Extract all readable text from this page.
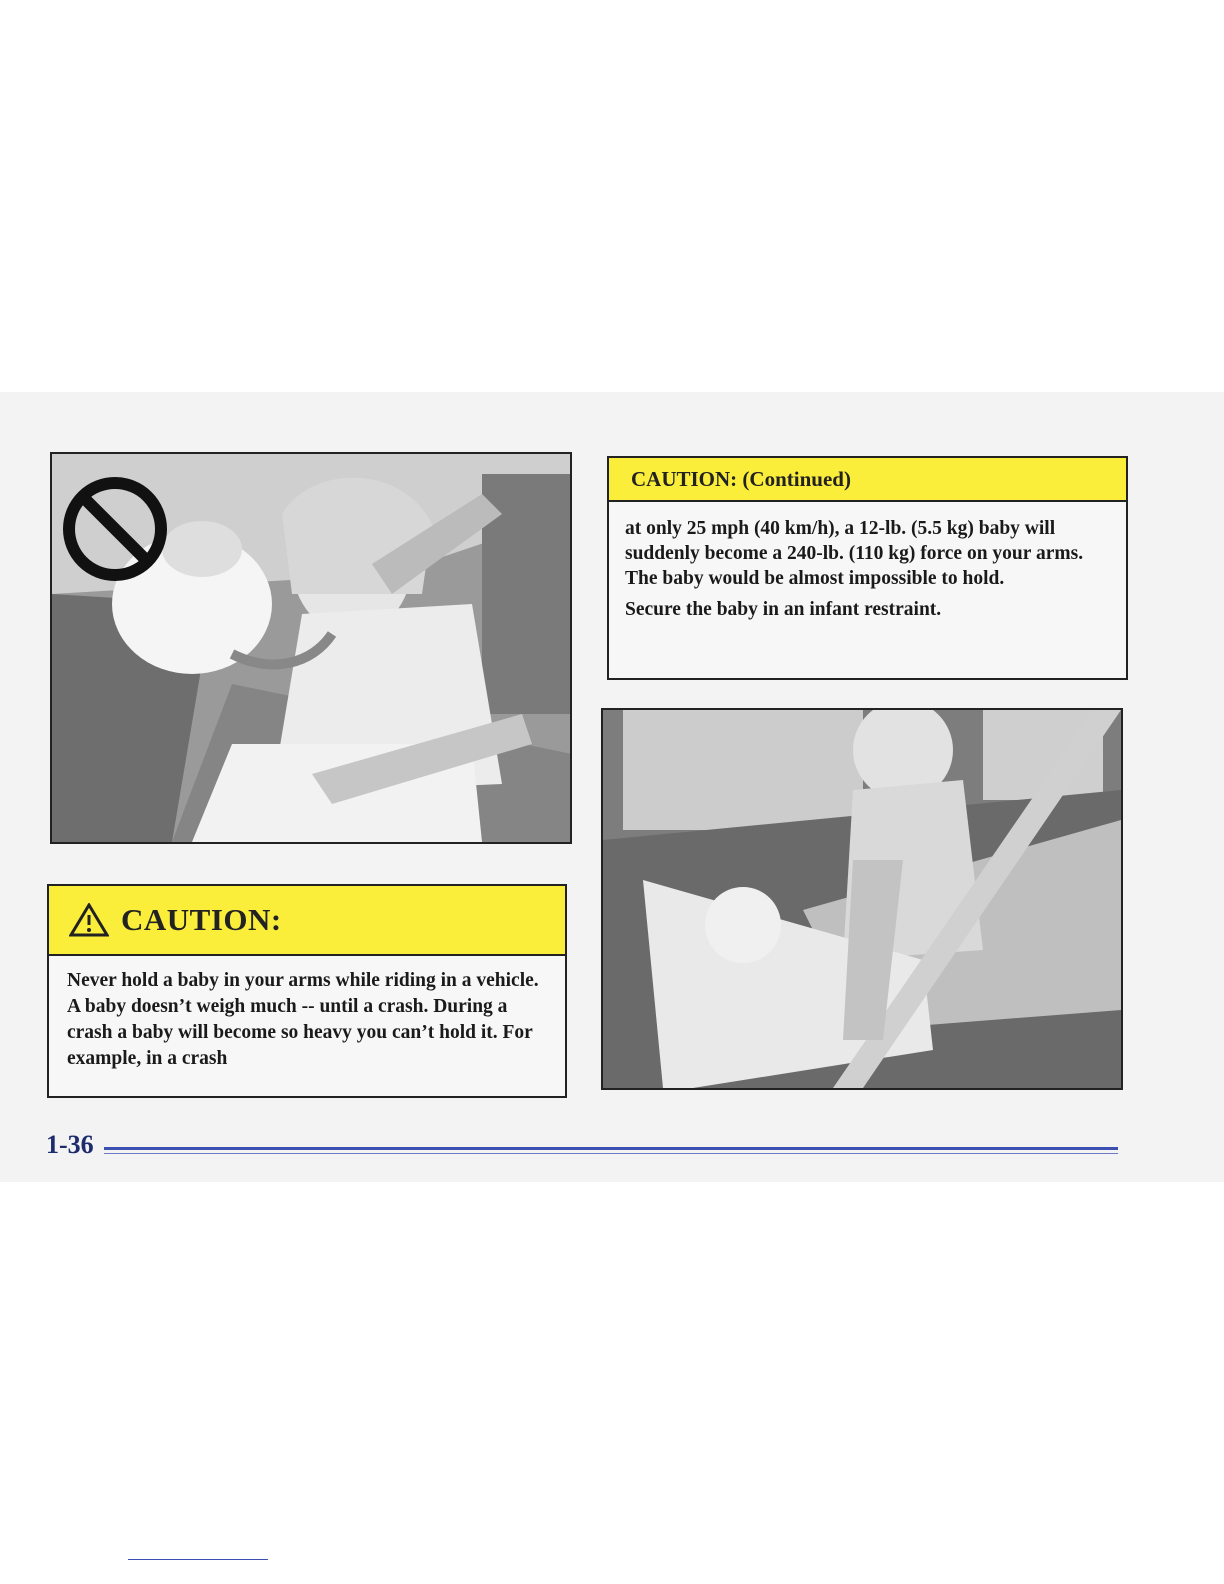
CAUTION:
Never hold a baby in your arms while riding in a vehicle. A baby doesn’t weigh much -- until a crash. During a crash a baby will become so heavy you can’t hold it. For example, in a crash
CAUTION: (Continued)

at only 25 mph (40 km/h), a 12-lb. (5.5 kg) baby will suddenly become a 240-lb. (110 kg) force on your arms. The baby would be almost impossible to hold.

Secure the baby in an infant restraint.

1-36
